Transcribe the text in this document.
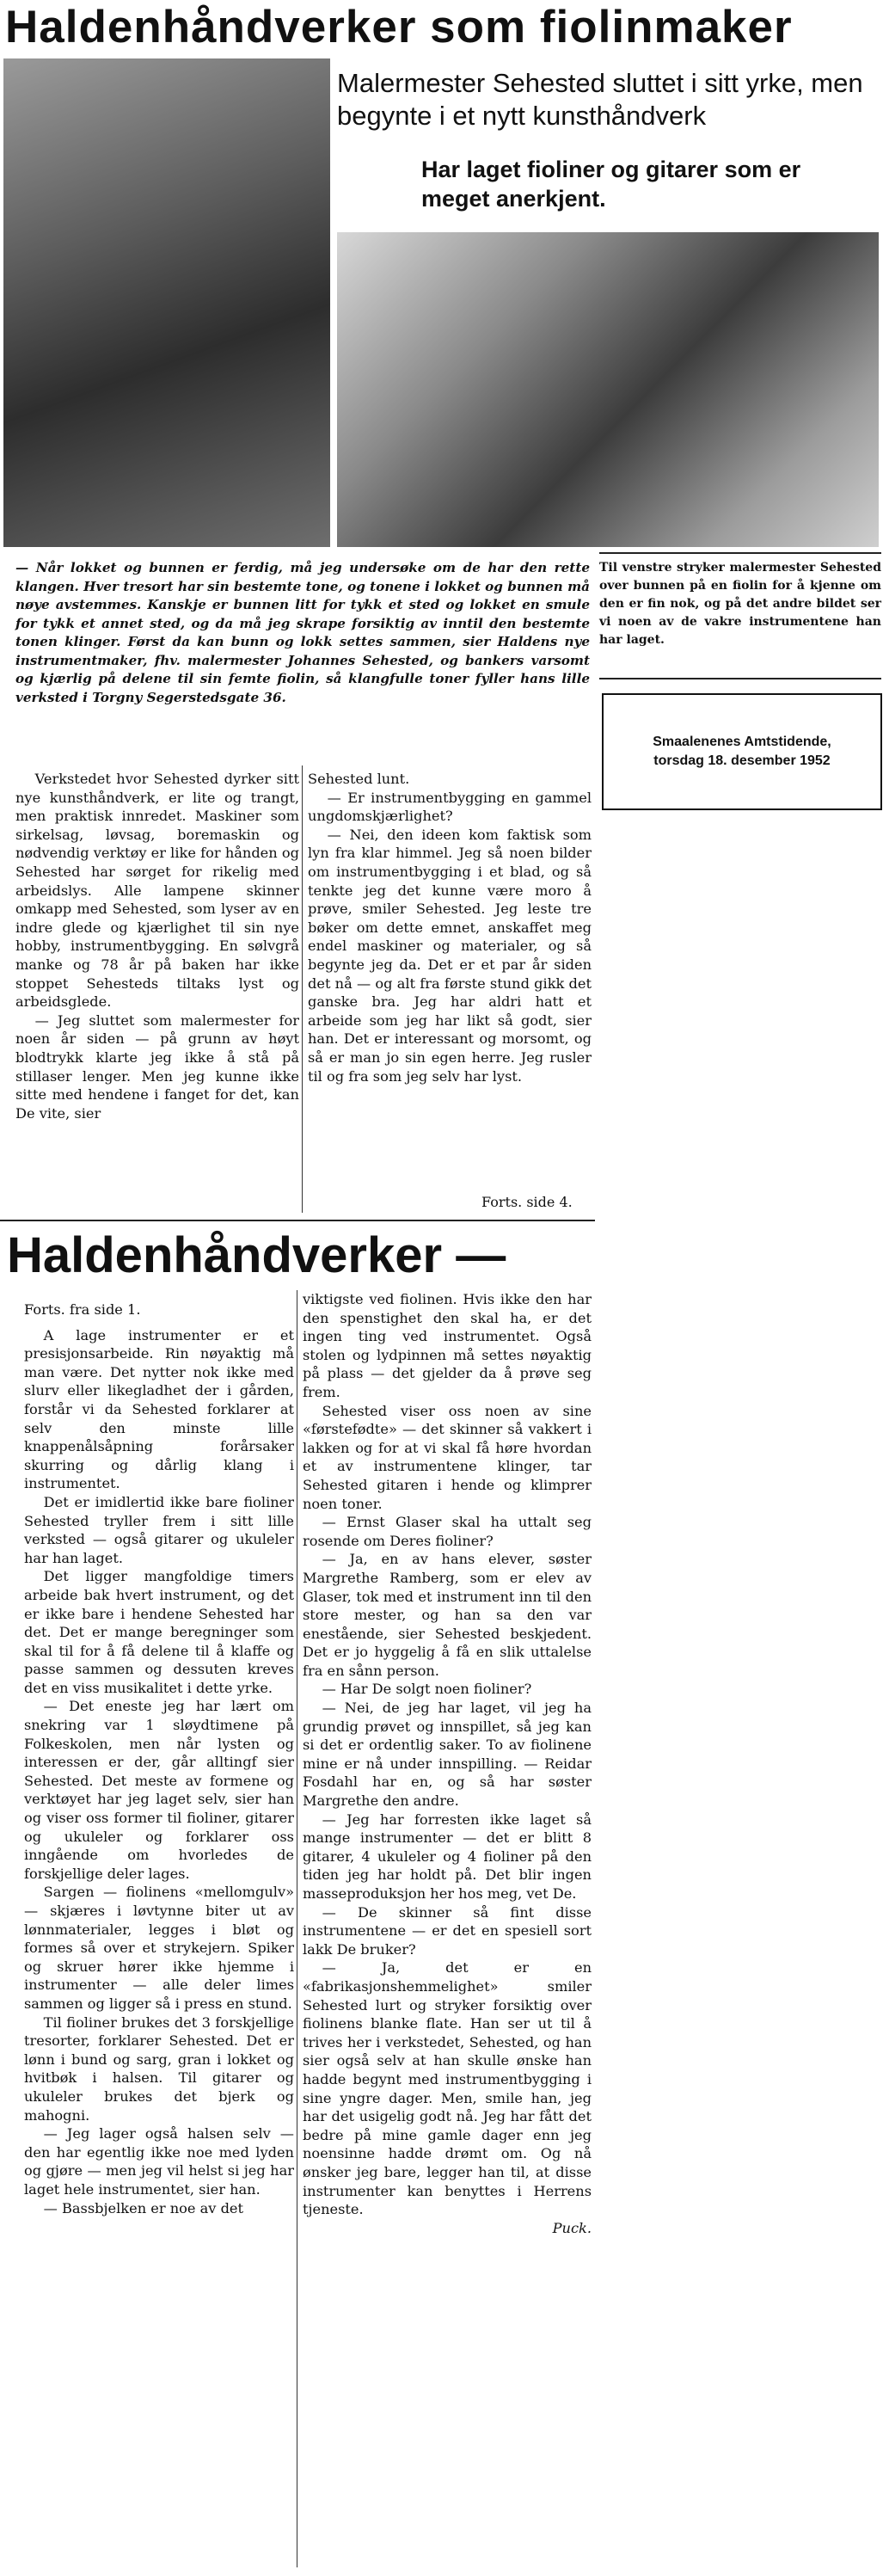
Haldenhåndverker som fiolinmaker
Malermester Sehested sluttet i sitt yrke, men begynte i et nytt kunsthåndverk
Har laget fioliner og gitarer som er meget anerkjent.
— Når lokket og bunnen er ferdig, må jeg undersøke om de har den rette klangen. Hver tresort har sin bestemte tone, og tonene i lokket og bunnen må nøye avstemmes. Kanskje er bunnen litt for tykk et sted og lokket en smule for tykk et annet sted, og da må jeg skrape forsiktig av inntil den bestemte tonen klinger. Først da kan bunn og lokk settes sammen, sier Haldens nye instrumentmaker, fhv. malermester Johannes Sehested, og bankers varsomt og kjærlig på delene til sin femte fiolin, så klangfulle toner fyller hans lille verksted i Torgny Segerstedsgate 36.
Til venstre stryker malermester Sehested over bunnen på en fiolin for å kjenne om den er fin nok, og på det andre bildet ser vi noen av de vakre instrumentene han har laget.
Smaalenenes Amtstidende,
torsdag 18. desember 1952

Verkstedet hvor Sehested dyrker sitt nye kunsthåndverk, er lite og trangt, men praktisk innredet. Maskiner som sirkelsag, løvsag, boremaskin og nødvendig verktøy er like for hånden og Sehested har sørget for rikelig med arbeidslys. Alle lampene skinner omkapp med Sehested, som lyser av en indre glede og kjærlighet til sin nye hobby, instrumentbygging. En sølvgrå manke og 78 år på baken har ikke stoppet Sehesteds tiltaks lyst og arbeidsglede.

— Jeg sluttet som malermester for noen år siden — på grunn av høyt blodtrykk klarte jeg ikke å stå på stillaser lenger. Men jeg kunne ikke sitte med hendene i fanget for det, kan De vite, sier

Sehested lunt.

— Er instrumentbygging en gammel ungdomskjærlighet?

— Nei, den ideen kom faktisk som lyn fra klar himmel. Jeg så noen bilder om instrumentbygging i et blad, og så tenkte jeg det kunne være moro å prøve, smiler Sehested. Jeg leste tre bøker om dette emnet, anskaffet meg endel maskiner og materialer, og så begynte jeg da. Det er et par år siden det nå — og alt fra første stund gikk det ganske bra. Jeg har aldri hatt et arbeide som jeg har likt så godt, sier han. Det er interessant og morsomt, og så er man jo sin egen herre. Jeg rusler til og fra som jeg selv har lyst.

Forts. side 4.
Haldenhåndverker —

Forts. fra side 1.

A lage instrumenter er et presisjonsarbeide. Rin nøyaktig må man være. Det nytter nok ikke med slurv eller likegladhet der i gården, forstår vi da Sehested forklarer at selv den minste lille knappenålsåpning forårsaker skurring og dårlig klang i instrumentet.

Det er imidlertid ikke bare fioliner Sehested tryller frem i sitt lille verksted — også gitarer og ukuleler har han laget.

Det ligger mangfoldige timers arbeide bak hvert instrument, og det er ikke bare i hendene Sehested har det. Det er mange beregninger som skal til for å få delene til å klaffe og passe sammen og dessuten kreves det en viss musikalitet i dette yrke.

— Det eneste jeg har lært om snekring var 1 sløydtimene på Folkeskolen, men når lysten og interessen er der, går alltingf sier Sehested. Det meste av formene og verktøyet har jeg laget selv, sier han og viser oss former til fioliner, gitarer og ukuleler og forklarer oss inngående om hvorledes de forskjellige deler lages.

Sargen — fiolinens «mellomgulv» — skjæres i løvtynne biter ut av lønnmaterialer, legges i bløt og formes så over et strykejern. Spiker og skruer hører ikke hjemme i instrumenter — alle deler limes sammen og ligger så i press en stund.

Til fioliner brukes det 3 forskjellige tresorter, forklarer Sehested. Det er lønn i bund og sarg, gran i lokket og hvitbøk i halsen. Til gitarer og ukuleler brukes det bjerk og mahogni.

— Jeg lager også halsen selv — den har egentlig ikke noe med lyden og gjøre — men jeg vil helst si jeg har laget hele instrumentet, sier han.

— Bassbjelken er noe av det

viktigste ved fiolinen. Hvis ikke den har den spenstighet den skal ha, er det ingen ting ved instrumentet. Også stolen og lydpinnen må settes nøyaktig på plass — det gjelder da å prøve seg frem.

Sehested viser oss noen av sine «førstefødte» — det skinner så vakkert i lakken og for at vi skal få høre hvordan et av instrumentene klinger, tar Sehested gitaren i hende og klimprer noen toner.

— Ernst Glaser skal ha uttalt seg rosende om Deres fioliner?

— Ja, en av hans elever, søster Margrethe Ramberg, som er elev av Glaser, tok med et instrument inn til den store mester, og han sa den var enestående, sier Sehested beskjedent. Det er jo hyggelig å få en slik uttalelse fra en sånn person.

— Har De solgt noen fioliner?

— Nei, de jeg har laget, vil jeg ha grundig prøvet og innspillet, så jeg kan si det er ordentlig saker. To av fiolinene mine er nå under innspilling. — Reidar Fosdahl har en, og så har søster Margrethe den andre.

— Jeg har forresten ikke laget så mange instrumenter — det er blitt 8 gitarer, 4 ukuleler og 4 fioliner på den tiden jeg har holdt på. Det blir ingen masseproduksjon her hos meg, vet De.

— De skinner så fint disse instrumentene — er det en spesiell sort lakk De bruker?

— Ja, det er en «fabrikasjonshemmelighet» smiler Sehested lurt og stryker forsiktig over fiolinens blanke flate. Han ser ut til å trives her i verkstedet, Sehested, og han sier også selv at han skulle ønske han hadde begynt med instrumentbygging i sine yngre dager. Men, smile han, jeg har det usigelig godt nå. Jeg har fått det bedre på mine gamle dager enn jeg noensinne hadde drømt om. Og nå ønsker jeg bare, legger han til, at disse instrumenter kan benyttes i Herrens tjeneste.

Puck.
